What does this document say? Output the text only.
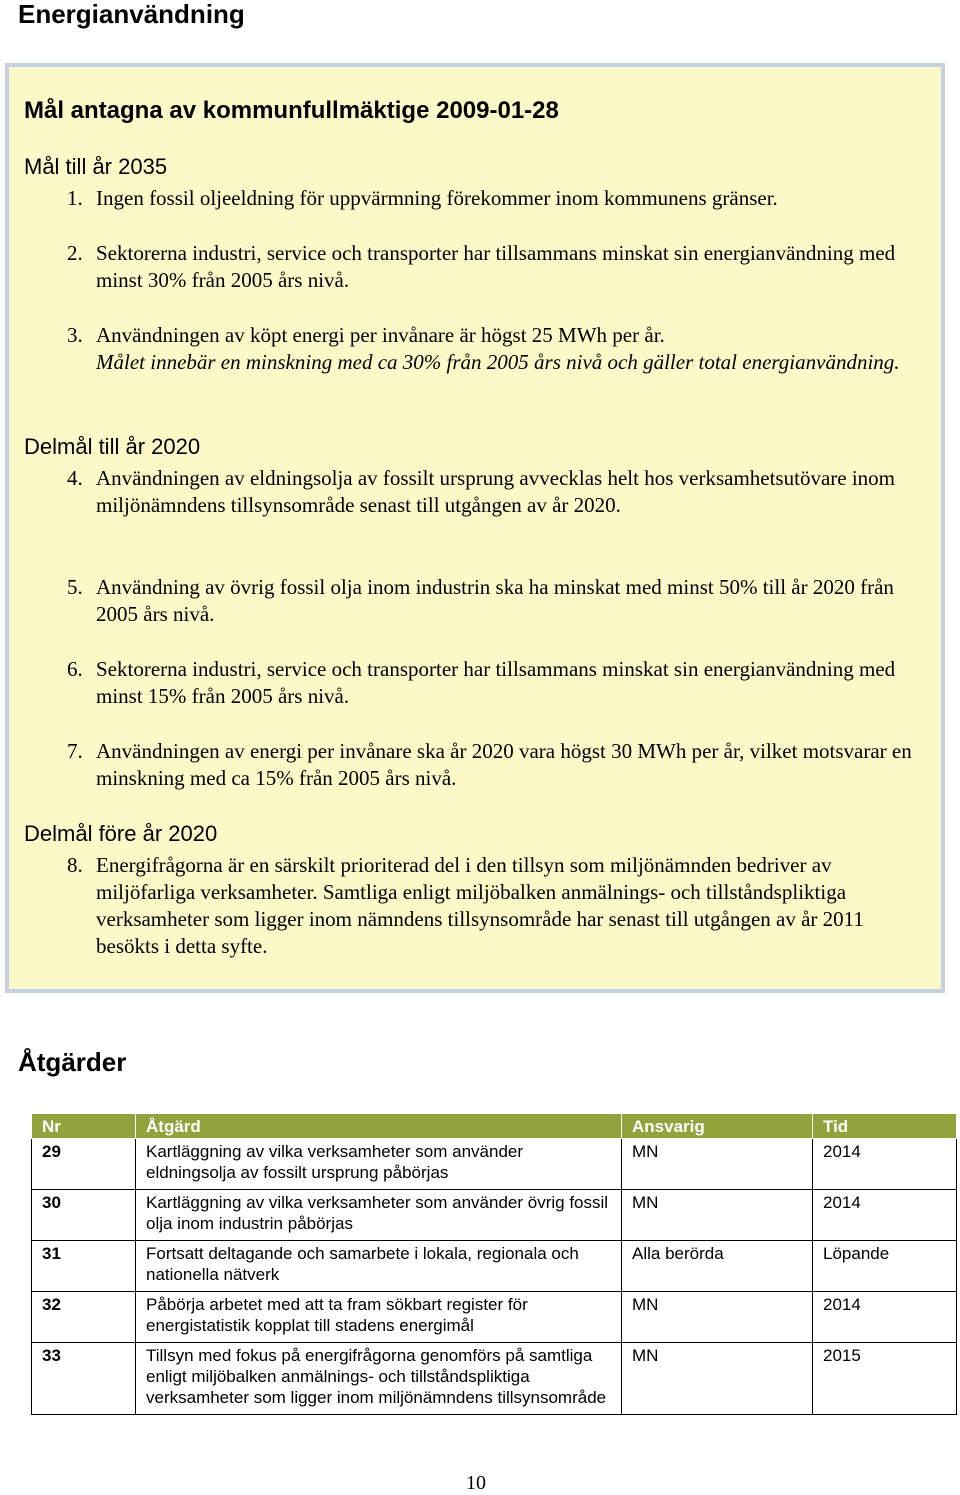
Energianvändning
Mål antagna av kommunfullmäktige 2009-01-28
Mål till år 2035
1. Ingen fossil oljeeldning för uppvärmning förekommer inom kommunens gränser.
2. Sektorerna industri, service och transporter har tillsammans minskat sin energianvändning med minst 30% från 2005 års nivå.
3. Användningen av köpt energi per invånare är högst 25 MWh per år.
Målet innebär en minskning med ca 30% från 2005 års nivå och gäller total energianvändning.
Delmål till år 2020
4. Användningen av eldningsolja av fossilt ursprung avvecklas helt hos verksamhetsutövare inom miljönämndens tillsynsområde senast till utgången av år 2020.
5. Användning av övrig fossil olja inom industrin ska ha minskat med minst 50% till år 2020 från 2005 års nivå.
6. Sektorerna industri, service och transporter har tillsammans minskat sin energianvändning med minst 15% från 2005 års nivå.
7. Användningen av energi per invånare ska år 2020 vara högst 30 MWh per år, vilket motsvarar en minskning med ca 15% från 2005 års nivå.
Delmål före år 2020
8. Energifrågorna är en särskilt prioriterad del i den tillsyn som miljönämnden bedriver av miljöfarliga verksamheter. Samtliga enligt miljöbalken anmälnings- och tillståndspliktiga verksamheter som ligger inom nämndens tillsynsområde har senast till utgången av år 2011 besökts i detta syfte.
Åtgärder
Nr	Åtgärd	Ansvarig	Tid
29	Kartläggning av vilka verksamheter som använder eldningsolja av fossilt ursprung påbörjas	MN	2014
30	Kartläggning av vilka verksamheter som använder övrig fossil olja inom industrin påbörjas	MN	2014
31	Fortsatt deltagande och samarbete i lokala, regionala och nationella nätverk	Alla berörda	Löpande
32	Påbörja arbetet med att ta fram sökbart register för energistatistik kopplat till stadens energimål	MN	2014
33	Tillsyn med fokus på energifrågorna genomförs på samtliga enligt miljöbalken anmälnings- och tillståndspliktiga verksamheter som ligger inom miljönämndens tillsynsområde	MN	2015
10
